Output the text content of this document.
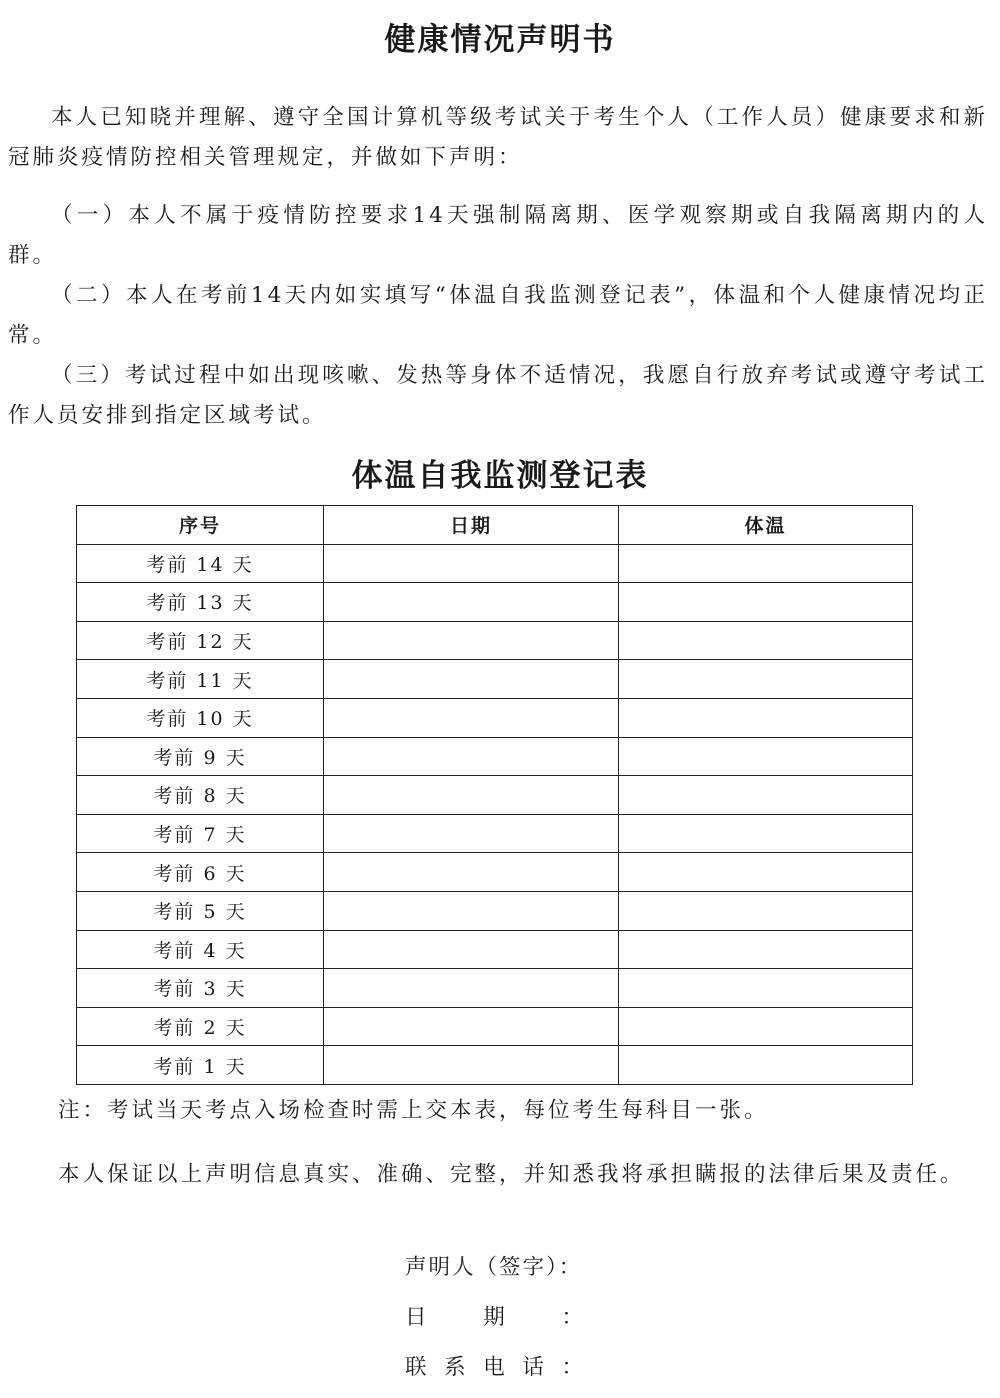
健康情况声明书

本人已知晓并理解、遵守全国计算机等级考试关于考生个人（工作人员）健康要求和新冠肺炎疫情防控相关管理规定，并做如下声明：

（一）本人不属于疫情防控要求14天强制隔离期、医学观察期或自我隔离期内的人群。

（二）本人在考前14天内如实填写“体温自我监测登记表”，体温和个人健康情况均正常。

（三）考试过程中如出现咳嗽、发热等身体不适情况，我愿自行放弃考试或遵守考试工作人员安排到指定区域考试。

体温自我监测登记表
序号	日期	体温
考前 14 天		
考前 13 天		
考前 12 天		
考前 11 天		
考前 10 天		
考前 9 天		
考前 8 天		
考前 7 天		
考前 6 天		
考前 5 天		
考前 4 天		
考前 3 天		
考前 2 天		
考前 1 天		

注：考试当天考点入场检查时需上交本表，每位考生每科目一张。

本人保证以上声明信息真实、准确、完整，并知悉我将承担瞒报的法律后果及责任。

声明人（签字）：

日期：

联系电话：
